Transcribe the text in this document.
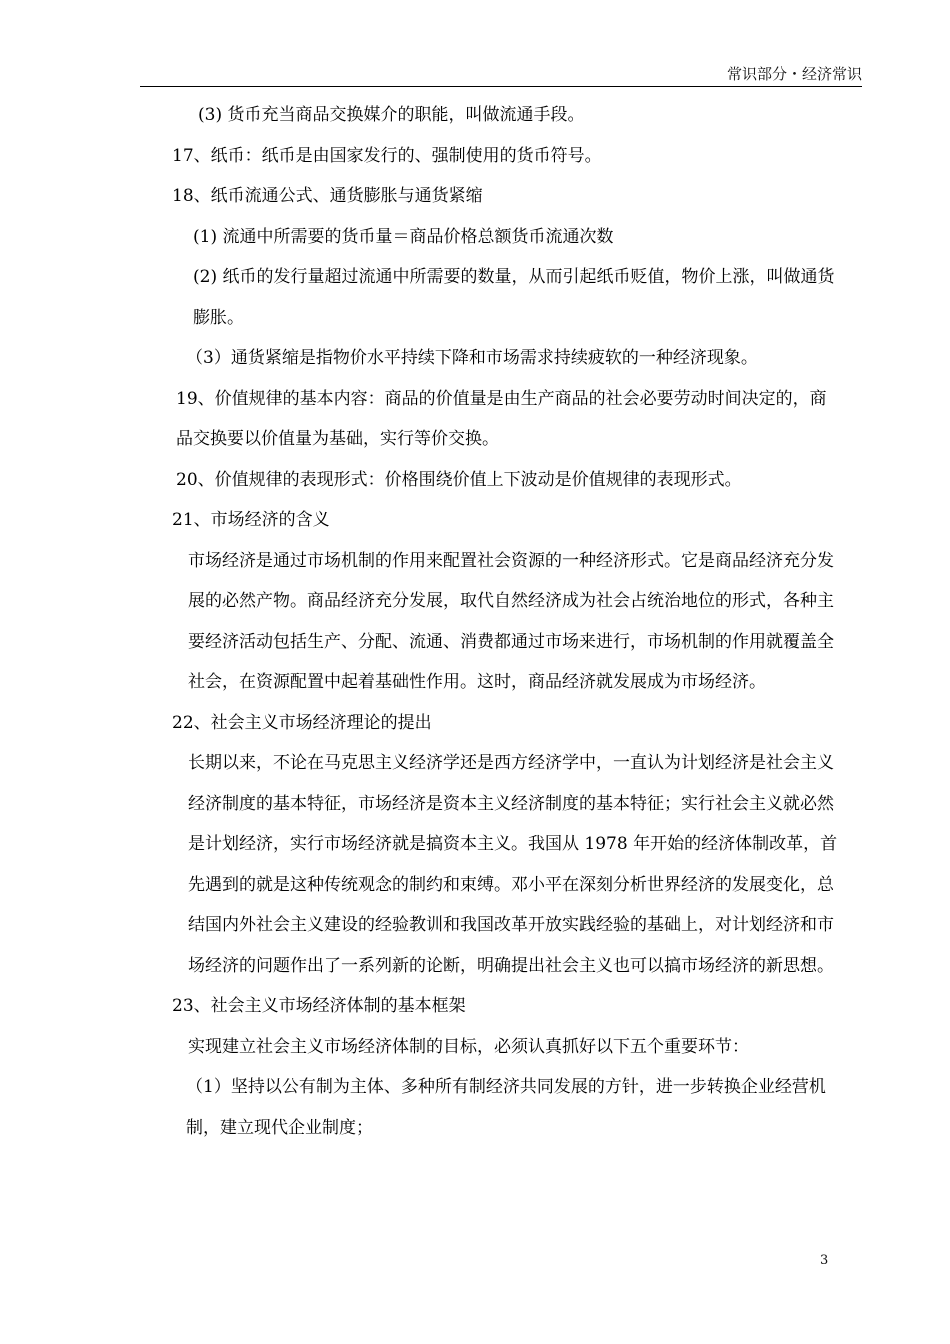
常识部分・经济常识

(3) 货币充当商品交换媒介的职能，叫做流通手段。

17、纸币：纸币是由国家发行的、强制使用的货币符号。

18、纸币流通公式、通货膨胀与通货紧缩

(1) 流通中所需要的货币量＝商品价格总额货币流通次数

(2) 纸币的发行量超过流通中所需要的数量，从而引起纸币贬值，物价上涨，叫做通货膨胀。

（3）通货紧缩是指物价水平持续下降和市场需求持续疲软的一种经济现象。

19、价值规律的基本内容：商品的价值量是由生产商品的社会必要劳动时间决定的，商品交换要以价值量为基础，实行等价交换。

20、价值规律的表现形式：价格围绕价值上下波动是价值规律的表现形式。

21、市场经济的含义

市场经济是通过市场机制的作用来配置社会资源的一种经济形式。它是商品经济充分发展的必然产物。商品经济充分发展，取代自然经济成为社会占统治地位的形式，各种主要经济活动包括生产、分配、流通、消费都通过市场来进行，市场机制的作用就覆盖全社会，在资源配置中起着基础性作用。这时，商品经济就发展成为市场经济。

22、社会主义市场经济理论的提出

长期以来，不论在马克思主义经济学还是西方经济学中，一直认为计划经济是社会主义经济制度的基本特征，市场经济是资本主义经济制度的基本特征；实行社会主义就必然是计划经济，实行市场经济就是搞资本主义。我国从 1978 年开始的经济体制改革，首先遇到的就是这种传统观念的制约和束缚。邓小平在深刻分析世界经济的发展变化，总结国内外社会主义建设的经验教训和我国改革开放实践经验的基础上，对计划经济和市场经济的问题作出了一系列新的论断，明确提出社会主义也可以搞市场经济的新思想。

23、社会主义市场经济体制的基本框架

实现建立社会主义市场经济体制的目标，必须认真抓好以下五个重要环节：

（1）坚持以公有制为主体、多种所有制经济共同发展的方针，进一步转换企业经营机制，建立现代企业制度；

3
